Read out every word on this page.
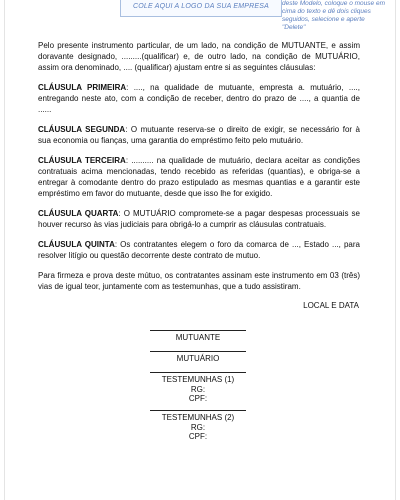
COLE AQUI A LOGO DA SUA EMPRESA	deste Modelo, coloque o mouse em cima do texto e dê dois cliques seguidos, selecione e aperte "Delete"

Pelo presente instrumento particular, de um lado, na condição de MUTUANTE, e assim doravante designado, .........(qualificar) e, de outro lado, na condição de MUTUÁRIO, assim ora denominado, .... (qualificar) ajustam entre si as seguintes cláusulas:

CLÁUSULA PRIMEIRA: ...., na qualidade de mutuante, empresta a. mutuário, ...., entregando neste ato, com a condição de receber, dentro do prazo de ...., a quantia de ......

CLÁUSULA SEGUNDA: O mutuante reserva-se o direito de exigir, se necessário for à sua economia ou fianças, uma garantia do empréstimo feito pelo mutuário.

CLÁUSULA TERCEIRA: .......... na qualidade de mutuário, declara aceitar as condições contratuais acima mencionadas, tendo recebido as referidas (quantias), e obriga-se a entregar à comodante dentro do prazo estipulado as mesmas quantias e a garantir este empréstimo em favor do mutuante, desde que isso lhe for exigido.

CLÁUSULA QUARTA: O MUTUÁRIO compromete-se a pagar despesas processuais se houver recurso às vias judiciais para obrigá-lo a cumprir as cláusulas contratuais.

CLÁUSULA QUINTA: Os contratantes elegem o foro da comarca de ..., Estado ..., para resolver litígio ou questão decorrente deste contrato de mutuo.

Para firmeza e prova deste mútuo, os contratantes assinam este instrumento em 03 (três) vias de igual teor, juntamente com as testemunhas, que a tudo assistiram.

LOCAL E DATA
MUTUANTE
MUTUÁRIO
TESTEMUNHAS (1)
RG:
CPF:
TESTEMUNHAS (2)
RG:
CPF:
